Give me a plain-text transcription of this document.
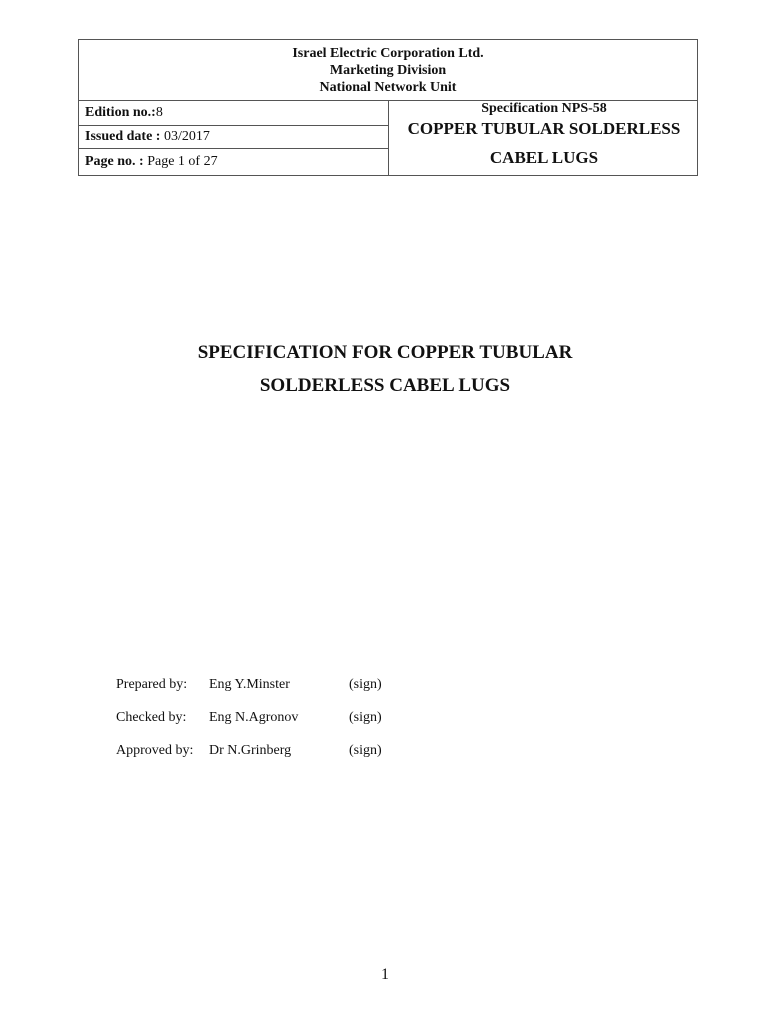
Israel Electric Corporation Ltd.
Marketing Division
National Network Unit
Edition no.:8
Issued date : 03/2017
Page no. : Page 1 of 27
Specification NPS-58
COPPER TUBULAR SOLDERLESS
CABEL LUGS
SPECIFICATION FOR COPPER TUBULAR
SOLDERLESS CABEL LUGS
Prepared by: Eng Y.Minster	(sign)
Checked by: Eng N.Agronov	(sign)
Approved by: Dr N.Grinberg	(sign)
1
